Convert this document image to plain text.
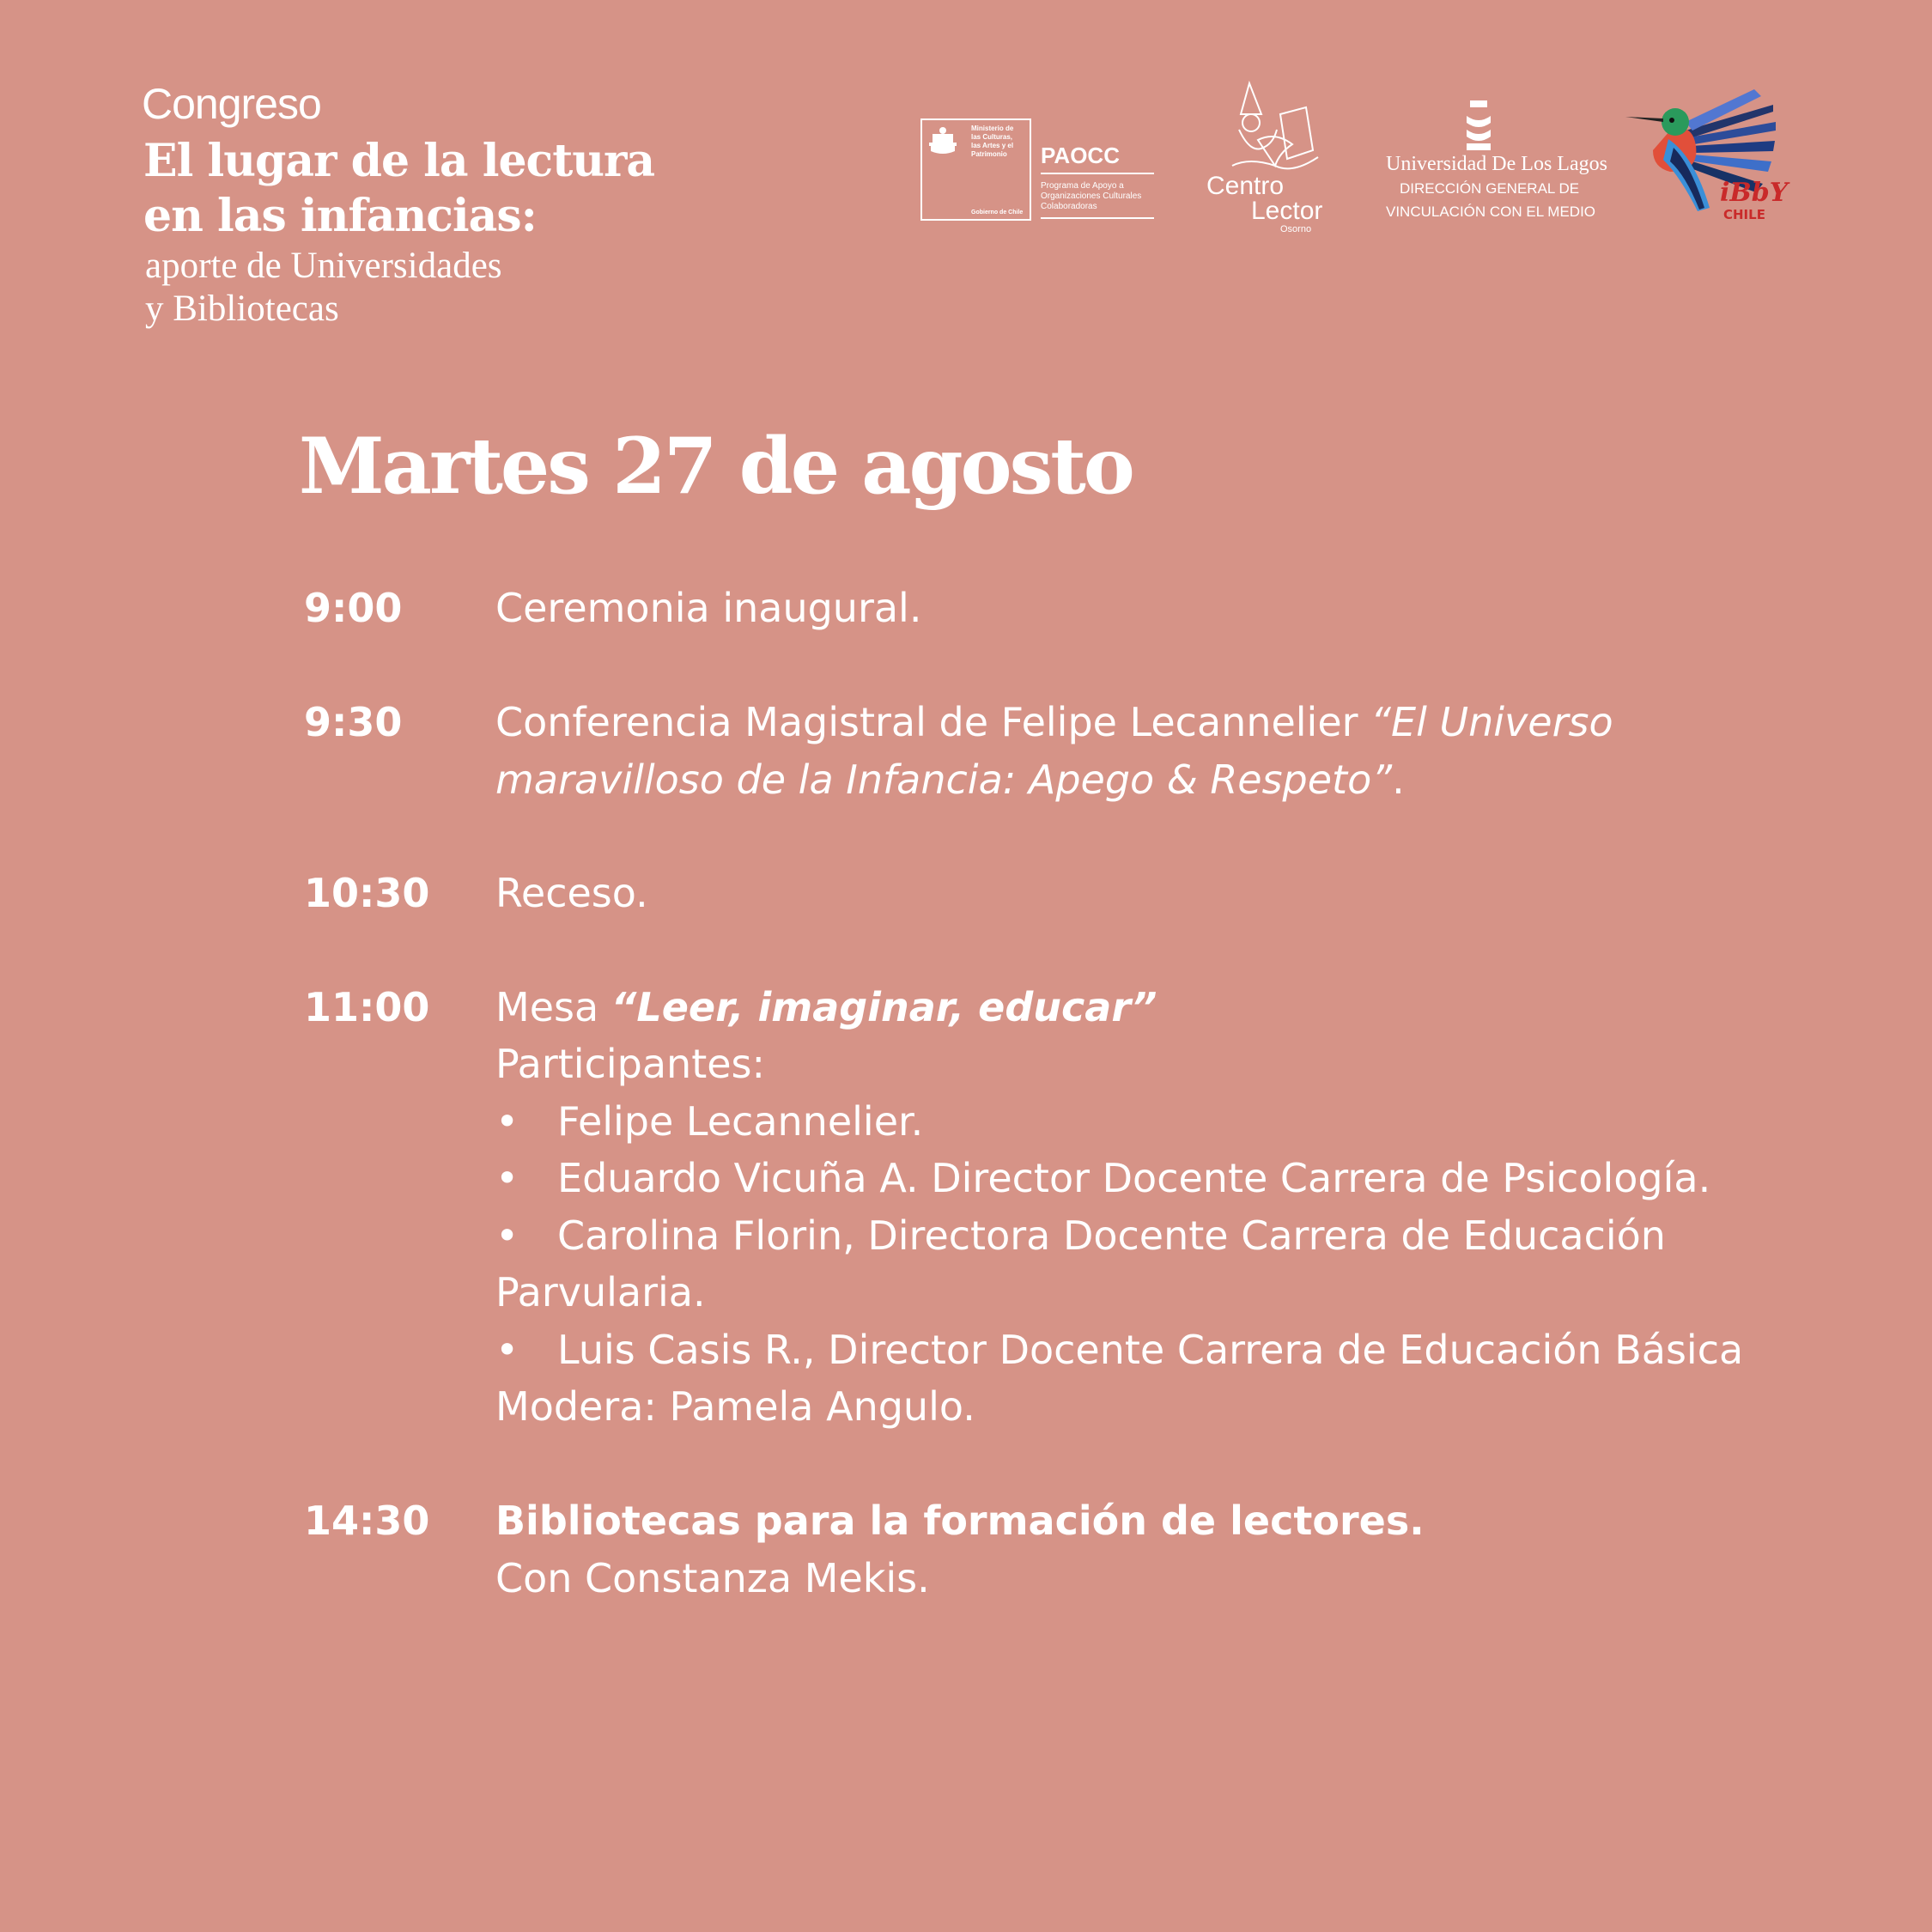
Congreso
El lugar de la lectura
en las infancias:
aporte de Universidades
y Bibliotecas
Ministerio de
las Culturas,
las Artes y el
Patrimonio
Gobierno de Chile
PAOCC
Programa de Apoyo a
Organizaciones Culturales
Colaboradoras
Centro
Lector
Osorno
Universidad De Los Lagos
DIRECCIÓN GENERAL DE
VINCULACIÓN CON EL MEDIO
iBbY
CHILE
Martes 27 de agosto
9:00 Ceremonia inaugural.
9:30 Conferencia Magistral de Felipe Lecannelier “El Universo
maravilloso de la Infancia: Apego & Respeto”.
10:30 Receso.
11:00 Mesa “Leer, imaginar, educar”
Participantes:
• Felipe Lecannelier.
• Eduardo Vicuña A. Director Docente Carrera de Psicología.
• Carolina Florin, Directora Docente Carrera de Educación
Parvularia.
• Luis Casis R., Director Docente Carrera de Educación Básica
Modera: Pamela Angulo.
14:30 Bibliotecas para la formación de lectores.
Con Constanza Mekis.
